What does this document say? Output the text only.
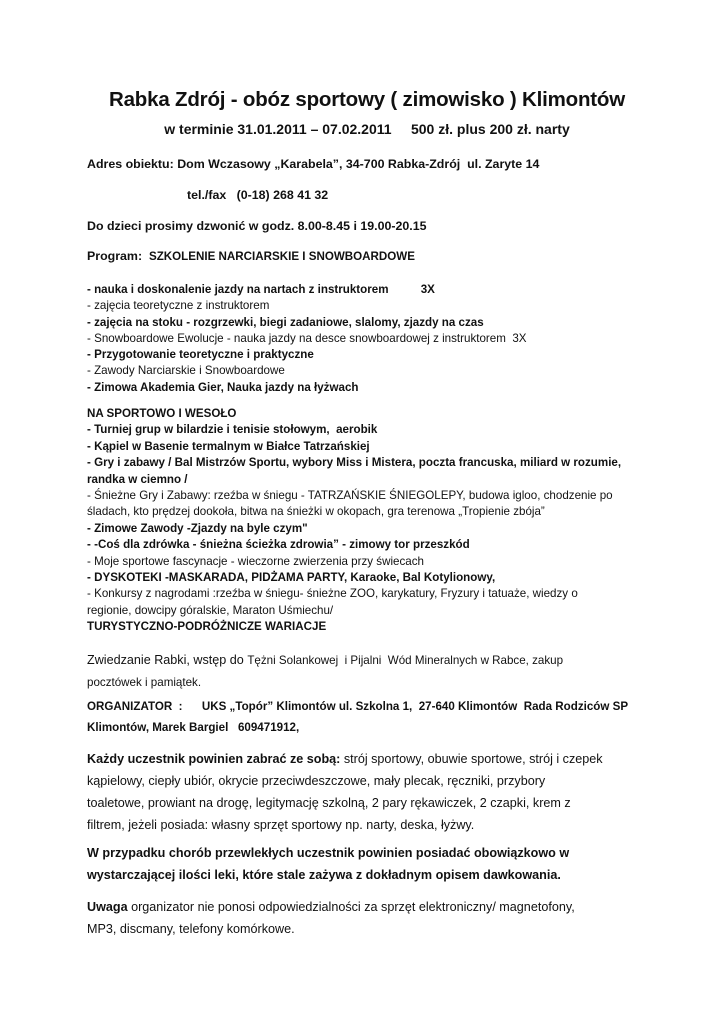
Rabka Zdrój - obóz sportowy ( zimowisko ) Klimontów
w terminie 31.01.2011 – 07.02.2011     500 zł. plus 200 zł. narty
Adres obiektu: Dom Wczasowy „Karabela”, 34-700 Rabka-Zdrój  ul. Zaryte 14
tel./fax   (0-18) 268 41 32
Do dzieci prosimy dzwonić w godz. 8.00-8.45 i 19.00-20.15
Program:  SZKOLENIE NARCIARSKIE I SNOWBOARDOWE
- nauka i doskonalenie jazdy na nartach z instruktorem          3X
- zajęcia teoretyczne z instruktorem
- zajęcia na stoku - rozgrzewki, biegi zadaniowe, slalomy, zjazdy na czas
- Snowboardowe Ewolucje - nauka jazdy na desce snowboardowej z instruktorem  3X
- Przygotowanie teoretyczne i praktyczne
- Zawody Narciarskie i Snowboardowe
- Zimowa Akademia Gier, Nauka jazdy na łyżwach
NA SPORTOWO I WESOŁO
- Turniej grup w bilardzie i tenisie stołowym,  aerobik
- Kąpiel w Basenie termalnym w Białce Tatrzańskiej
- Gry i zabawy / Bal Mistrzów Sportu, wybory Miss i Mistera, poczta francuska, miliard w rozumie,
randka w ciemno /
- Śnieżne Gry i Zabawy: rzeźba w śniegu - TATRZAŃSKIE ŚNIEGOLEPY, budowa igloo, chodzenie po
śladach, kto prędzej dookoła, bitwa na śnieżki w okopach, gra terenowa „Tropienie zbója”
- Zimowe Zawody -Zjazdy na byle czym"
- -Coś dla zdrówka - śnieżna ścieżka zdrowia” - zimowy tor przeszkód
- Moje sportowe fascynacje - wieczorne zwierzenia przy świecach
- DYSKOTEKI -MASKARADA, PIDŻAMA PARTY, Karaoke, Bal Kotylionowy,
- Konkursy z nagrodami :rzeźba w śniegu- śnieżne ZOO, karykatury, Fryzury i tatuaże, wiedzy o
regionie, dowcipy góralskie, Maraton Uśmiechu/
TURYSTYCZNO-PODRÓŻNICZE WARIACJE
Zwiedzanie Rabki, wstęp do Tężni Solankowej  i Pijalni  Wód Mineralnych w Rabce, zakup
pocztówek i pamiątek.
ORGANIZATOR  :      UKS „Topór” Klimontów ul. Szkolna 1,  27-640 Klimontów  Rada Rodziców SP
Klimontów, Marek Bargiel   609471912,
Każdy uczestnik powinien zabrać ze sobą: strój sportowy, obuwie sportowe, strój i czepek
kąpielowy, ciepły ubiór, okrycie przeciwdeszczowe, mały plecak, ręczniki, przybory
toaletowe, prowiant na drogę, legitymację szkolną, 2 pary rękawiczek, 2 czapki, krem z
filtrem, jeżeli posiada: własny sprzęt sportowy np. narty, deska, łyżwy.
W przypadku chorób przewlekłych uczestnik powinien posiadać obowiązkowo w
wystarczającej ilości leki, które stale zażywa z dokładnym opisem dawkowania.
Uwaga organizator nie ponosi odpowiedzialności za sprzęt elektroniczny/ magnetofony,
MP3, discmany, telefony komórkowe.
